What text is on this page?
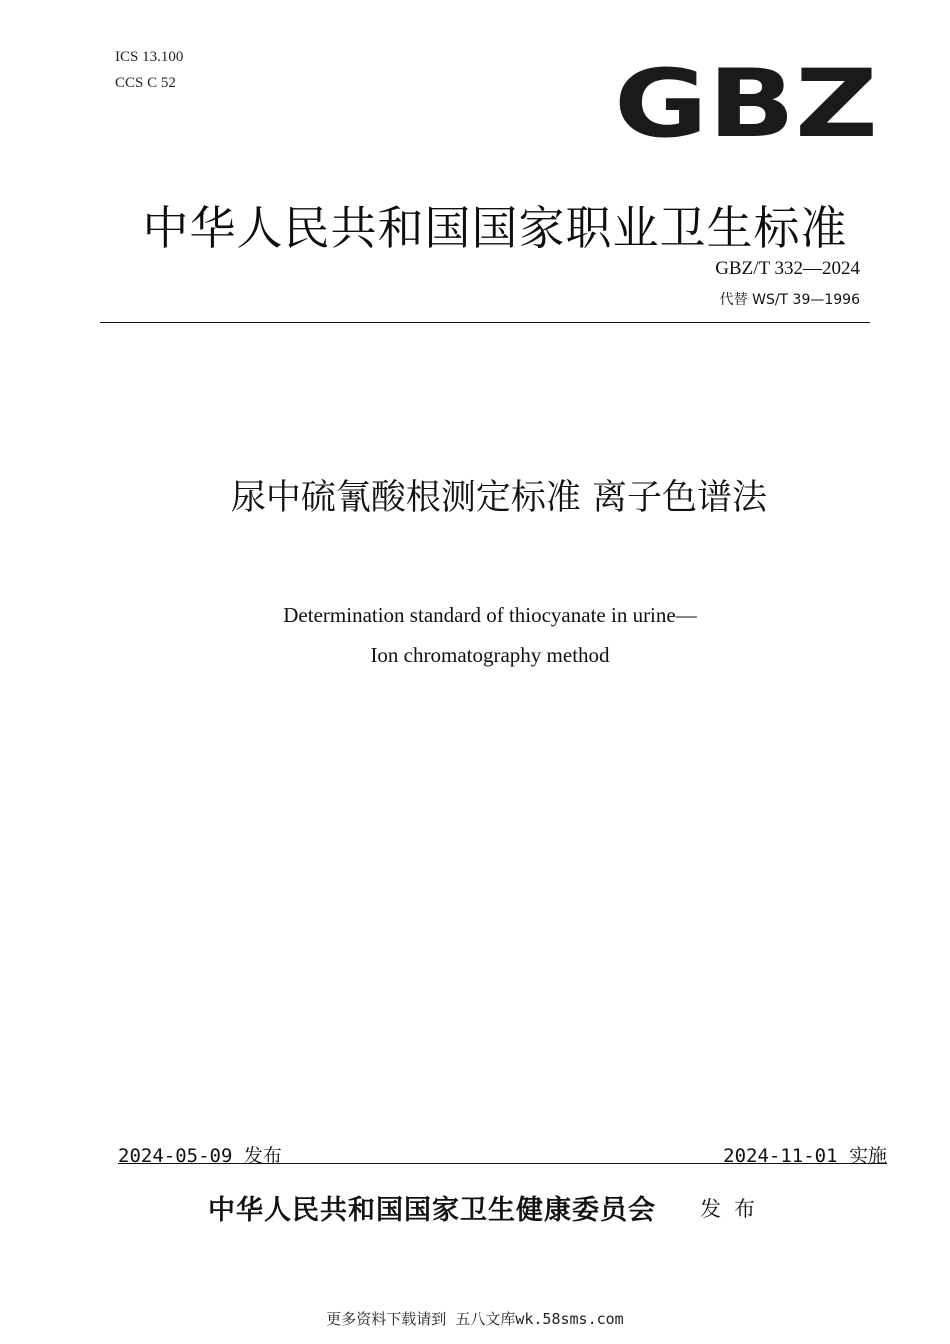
ICS 13.100
CCS C 52	GBZ
中华人民共和国国家职业卫生标准
GBZ/T 332—2024
代替 WS/T 39—1996
尿中硫氰酸根测定标准 离子色谱法
Determination standard of thiocyanate in urine—
Ion chromatography method
2024-05-09 发布	2024-11-01 实施
中华人民共和国国家卫生健康委员会 发布
更多资料下载请到 五八文库wk.58sms.com
